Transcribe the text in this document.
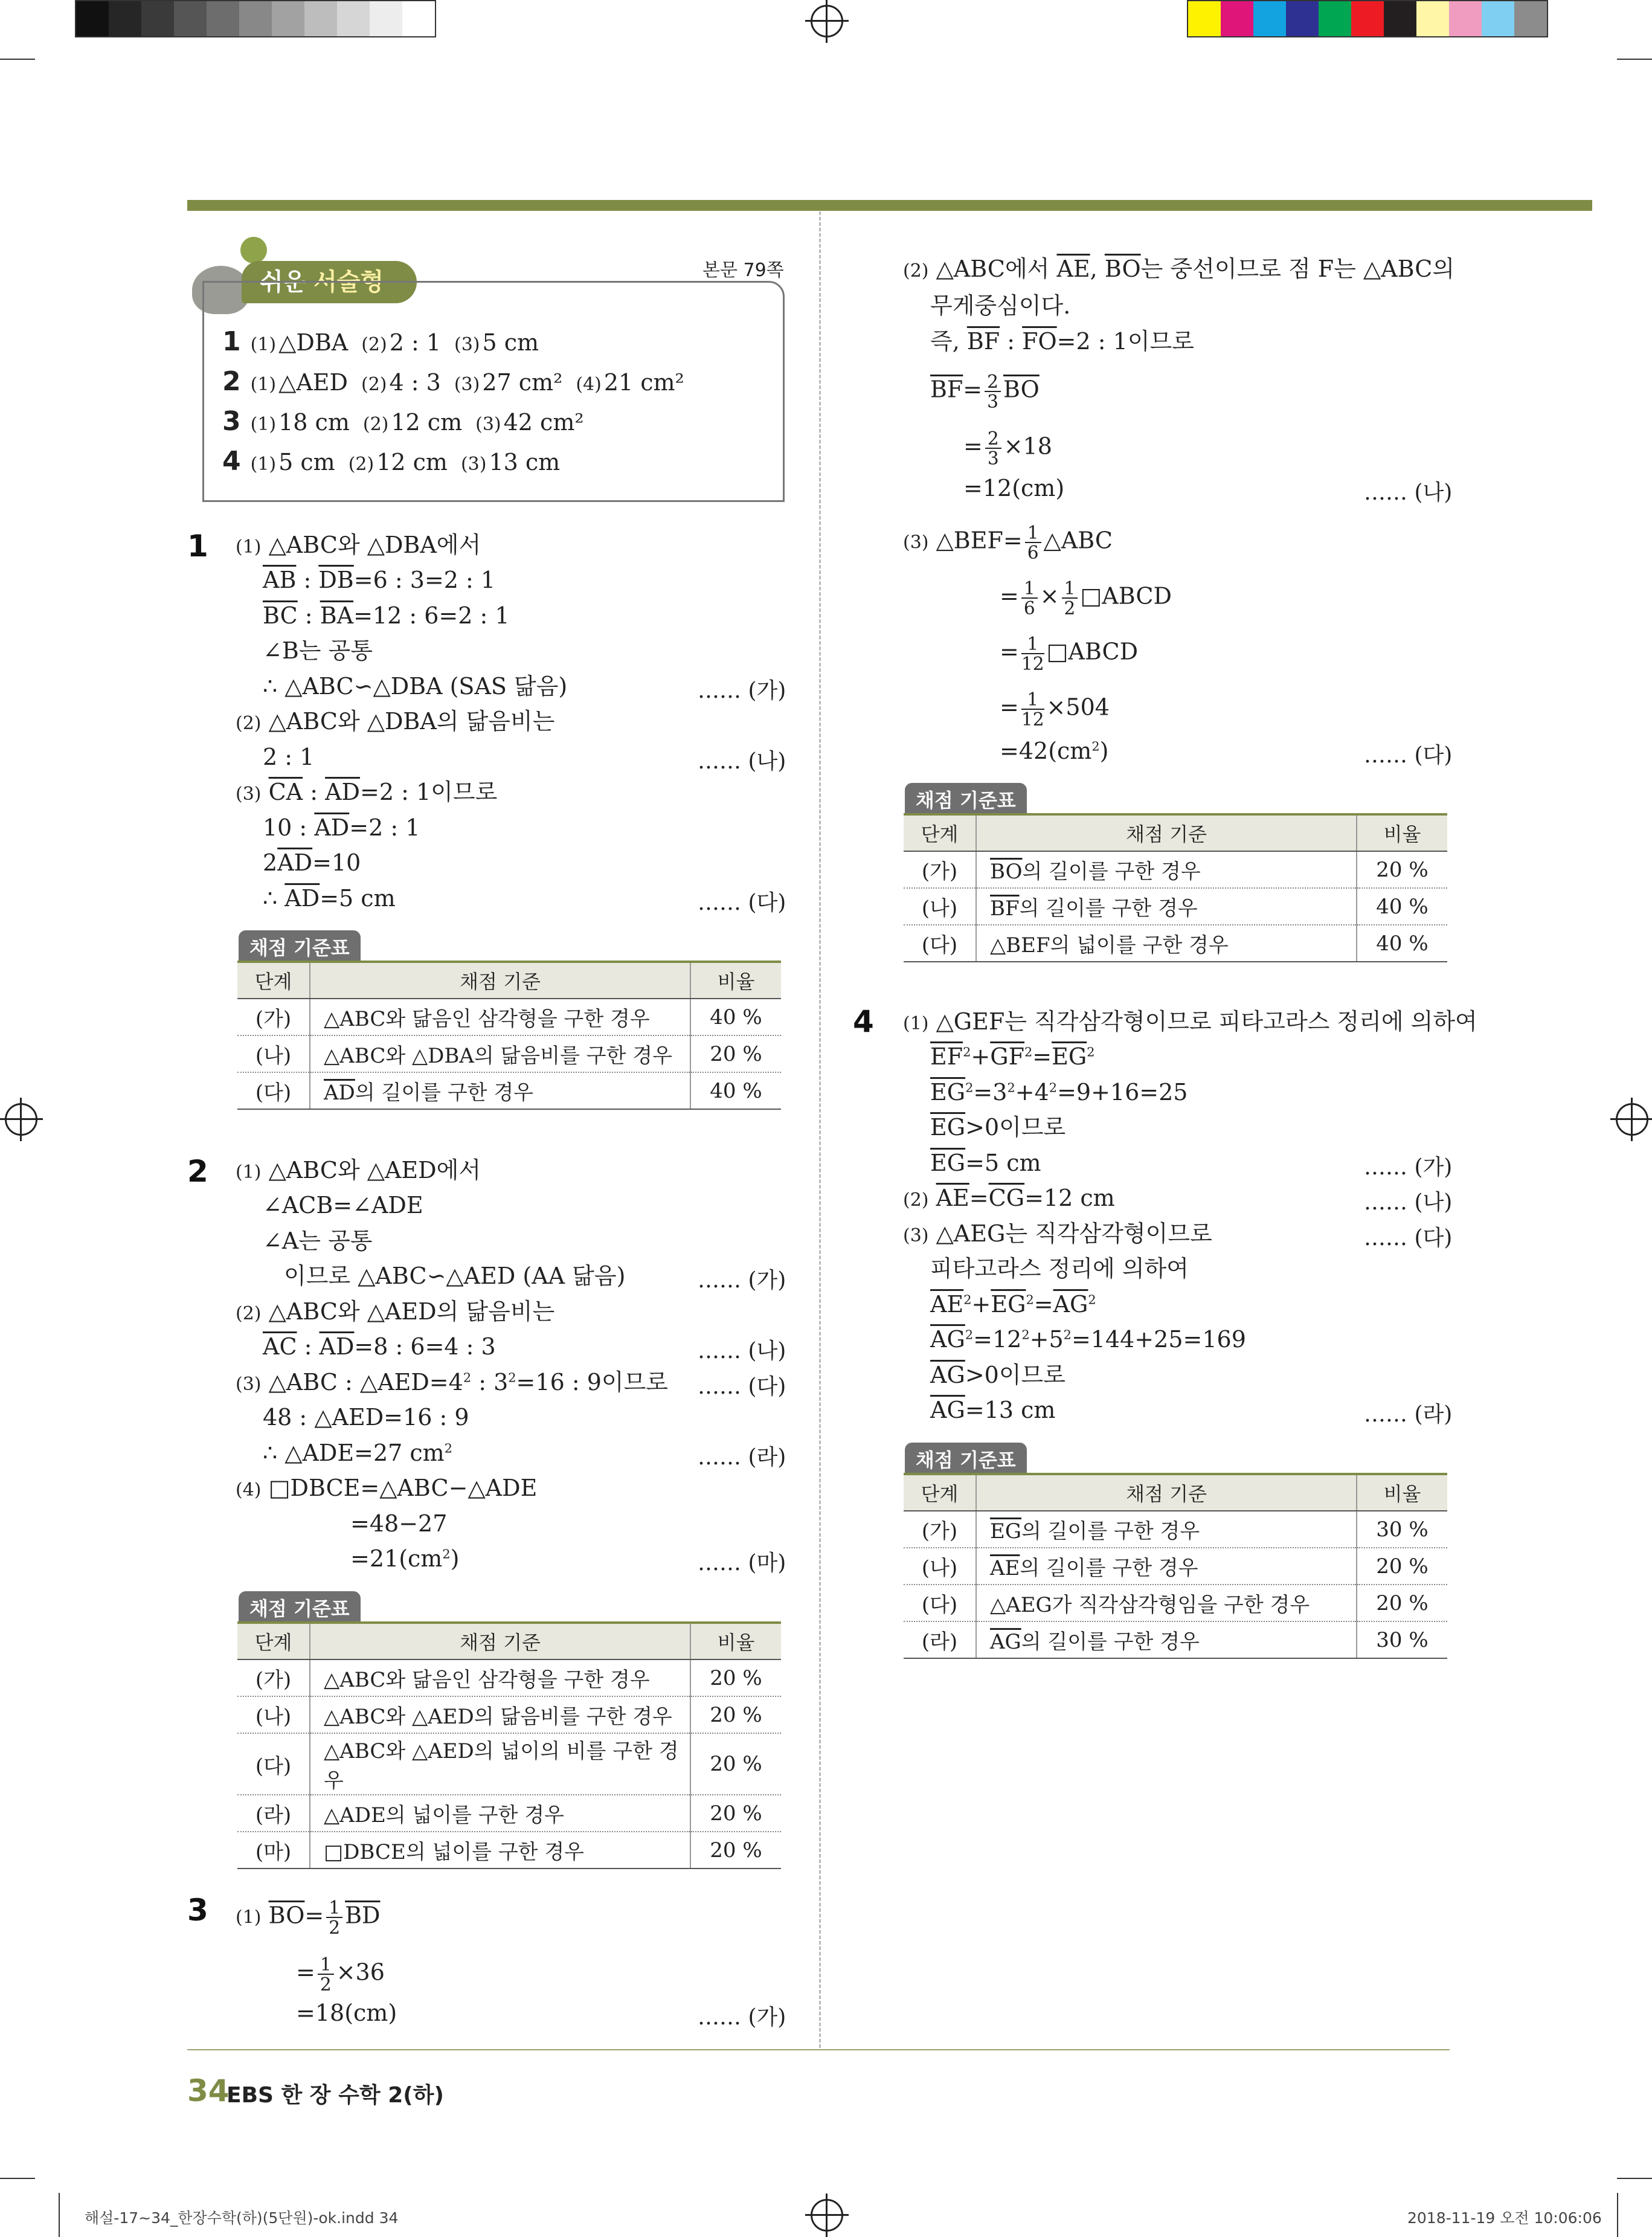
쉬운 서술형	본문 79쪽
1 (1) △DBA (2) 2 : 1 (3) 5 cm
2 (1) △AED (2) 4 : 3 (3) 27 cm² (4) 21 cm²
3 (1) 18 cm (2) 12 cm (3) 42 cm²
4 (1) 5 cm (2) 12 cm (3) 13 cm
1 (1) △ABC와 △DBA에서
$\overline{AB}$ : $\overline{DB}=6$ : 3=2 : 1
$\overline{BC}$ : $\overline{BA}=12$ : 6=2 : 1
∠B는 공통
∴ △ABC∽△DBA (SAS 닮음)
(2) △ABC와 △DBA의 닮음비는
2 : 1
(3) $\overline{CA}$ : $\overline{AD}=2$ : 1이므로
10 : $\overline{AD}=2$ : 1
$2\overline{AD}=10$
∴ $\overline{AD}=5$ cm
…… (가)
…… (나)
…… (다)
채점 기준표
단계	채점 기준	비율
(가)	△ABC와 닮음인 삼각형을 구한 경우	40 %
(나)	△ABC와 △DBA의 닮음비를 구한 경우	20 %
(다)	$\overline{AD}$의 길이를 구한 경우	40 %
2 (1) △ABC와 △AED에서
∠ACB=∠ADE
∠A는 공통
이므로 △ABC∽△AED (AA 닮음)
(2) △ABC와 △AED의 닮음비는
$\overline{AC}$ : $\overline{AD}=8$ : 6=4 : 3
(3) △ABC : $\triangle AED=4^2$ : $3^2=16$ : 9이므로
48 : △AED=16 : 9
∴ △ADE=27 $cm^2$
(4) □DBCE=△ABC−△ADE
=48−27
$=21(cm^2)$
…… (가)
…… (나)
…… (다)
…… (라)
…… (마)
채점 기준표
단계	채점 기준	비율
(가)	△ABC와 닮음인 삼각형을 구한 경우	20 %
(나)	△ABC와 △AED의 닮음비를 구한 경우	20 %
(다)	△ABC와 △AED의 넓이의 비를 구한 경우	20 %
(라)	△ADE의 넓이를 구한 경우	20 %
(마)	□DBCE의 넓이를 구한 경우	20 %
3 (1) $\overline{BO}= \frac{1}{2} \overline{BD}$
= $\frac{1}{2} \times 36$
=18(cm)	…… (가)
(2) △ABC에서 $\overline{AE}$, $\overline{BO}$는 중선이므로 점 F는 △ABC의
무게중심이다.
즉, $\overline{BF}$ : $\overline{FO}=2$ : 1이므로
$\overline{BF}= \frac{2}{3} \overline{BO}$
= $\frac{2}{3} \times 18$
=12(cm)	…… (나)
(3) △BEF= $\frac{1}{6}$ △ABC
= $\frac{1}{6} \times \frac{1}{2}$ □ABCD
= $\frac{1}{12}$ □ABCD
= $\frac{1}{12} \times 504$
$=42(cm^2)$	…… (다)
채점 기준표
단계	채점 기준	비율
(가)	$\overline{BO}$의 길이를 구한 경우	20 %
(나)	$\overline{BF}$의 길이를 구한 경우	40 %
(다)	△BEF의 넓이를 구한 경우	40 %
4 (1) △GEF는 직각삼각형이므로 피타고라스 정리에 의하여
$\overline{EF}^2+\overline{GF}^2=\overline{EG}^2$
$\overline{EG}^2=3^2+4^2=9+16=25$
$\overline{EG}>0$이므로
$\overline{EG}=5$ cm
(2) $\overline{AE}=\overline{CG}=12$ cm
(3) △AEG는 직각삼각형이므로
피타고라스 정리에 의하여
$\overline{AE}^2+\overline{EG}^2=\overline{AG}^2$
$\overline{AG}^2=12^2+5^2=144+25=169$
$\overline{AG}>0$이므로
$\overline{AG}=13$ cm
…… (가)
…… (나)
…… (다)
…… (라)
채점 기준표
단계	채점 기준	비율
(가)	$\overline{EG}$의 길이를 구한 경우	30 %
(나)	$\overline{AE}$의 길이를 구한 경우	20 %
(다)	△AEG가 직각삼각형임을 구한 경우	20 %
(라)	$\overline{AG}$의 길이를 구한 경우	30 %
34
EBS 한 장 수학 2(하)
해설-17~34_한장수학(하)(5단원)-ok.indd 34	2018-11-19 오전 10:06:06
